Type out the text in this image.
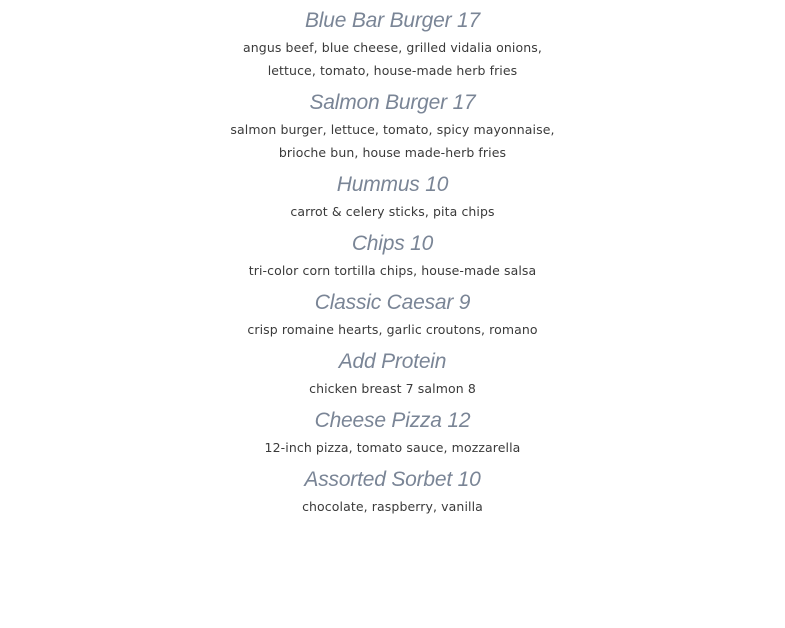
Blue Bar Burger 17

angus beef, blue cheese, grilled vidalia onions,
lettuce, tomato, house-made herb fries

Salmon Burger 17

salmon burger, lettuce, tomato, spicy mayonnaise,
brioche bun, house made-herb fries

Hummus 10

carrot & celery sticks, pita chips

Chips 10

tri-color corn tortilla chips, house-made salsa

Classic Caesar 9

crisp romaine hearts, garlic croutons, romano

Add Protein

chicken breast 7 salmon 8

Cheese Pizza 12

12-inch pizza, tomato sauce, mozzarella

Assorted Sorbet 10

chocolate, raspberry, vanilla
